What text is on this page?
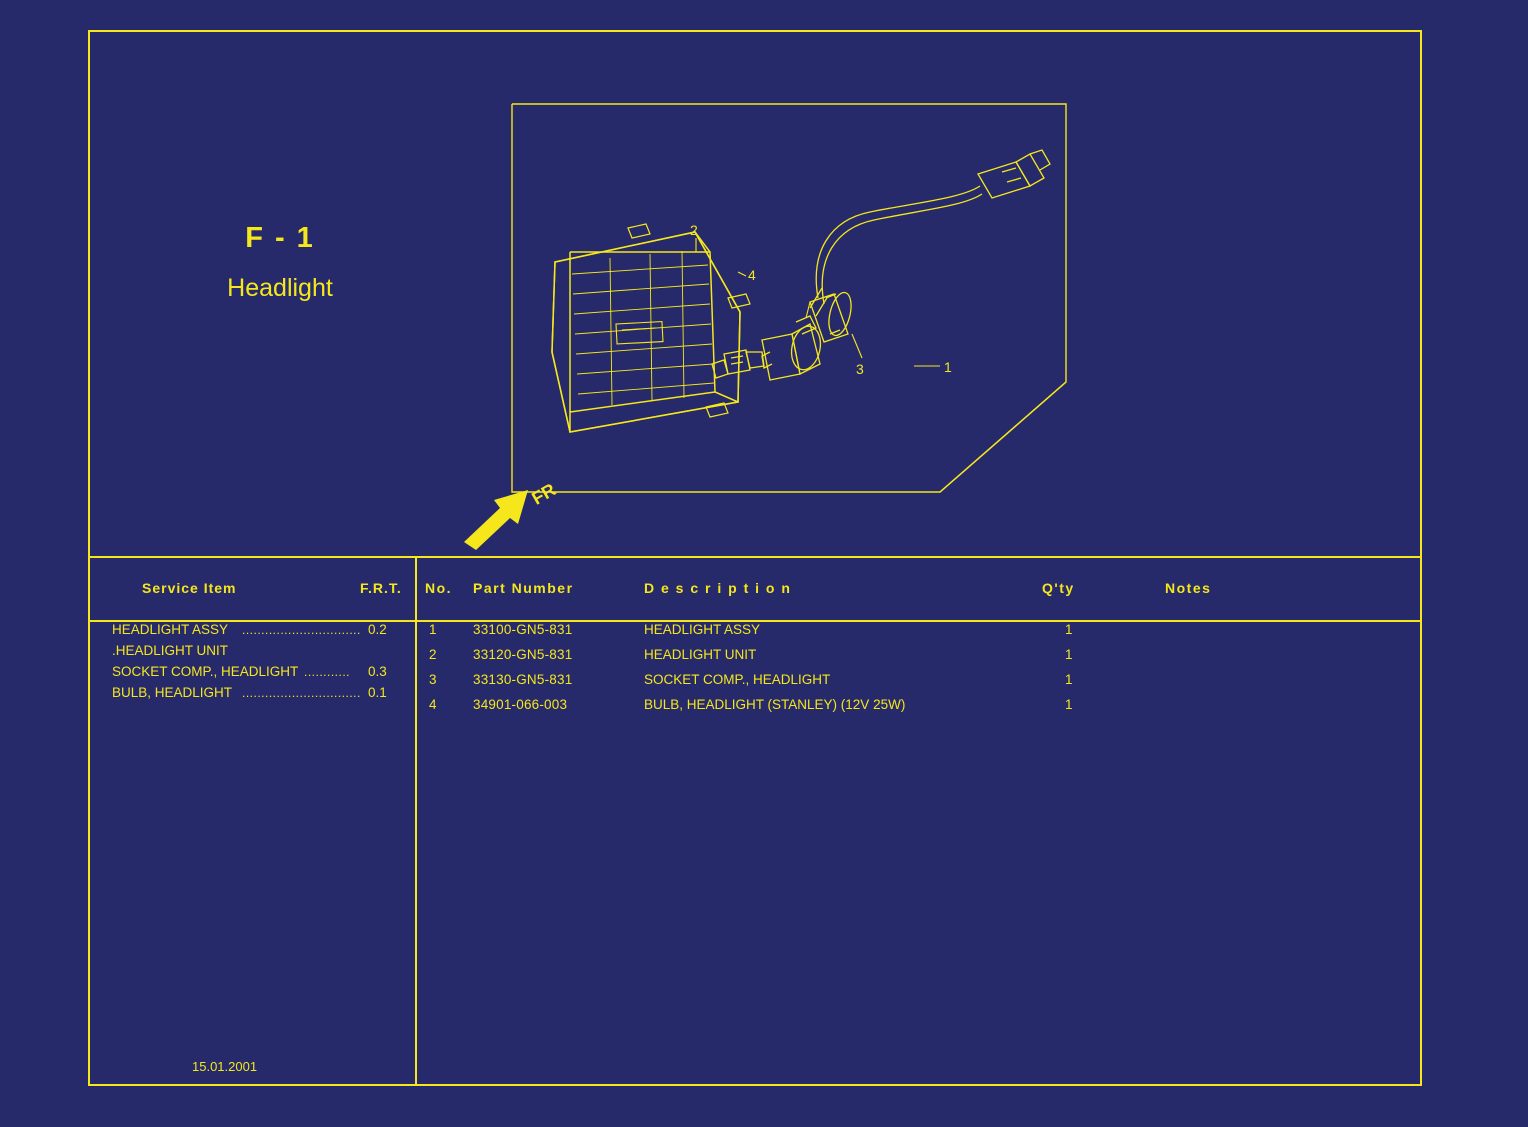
F - 1
Headlight
2
4
3	1
FR
Service Item	F.R.T. No. Part Number	D e s c r i p t i o n	Q'ty	Notes
HEADLIGHT ASSY ............................... 0.2
.HEADLIGHT UNIT
SOCKET COMP., HEADLIGHT ............ 0.3
BULB, HEADLIGHT ............................... 0.1
1	33100-GN5-831	HEADLIGHT ASSY	1
2	33120-GN5-831	HEADLIGHT UNIT	1
3	33130-GN5-831	SOCKET COMP., HEADLIGHT	1
4	34901-066-003	BULB, HEADLIGHT (STANLEY) (12V 25W)	1
15.01.2001
